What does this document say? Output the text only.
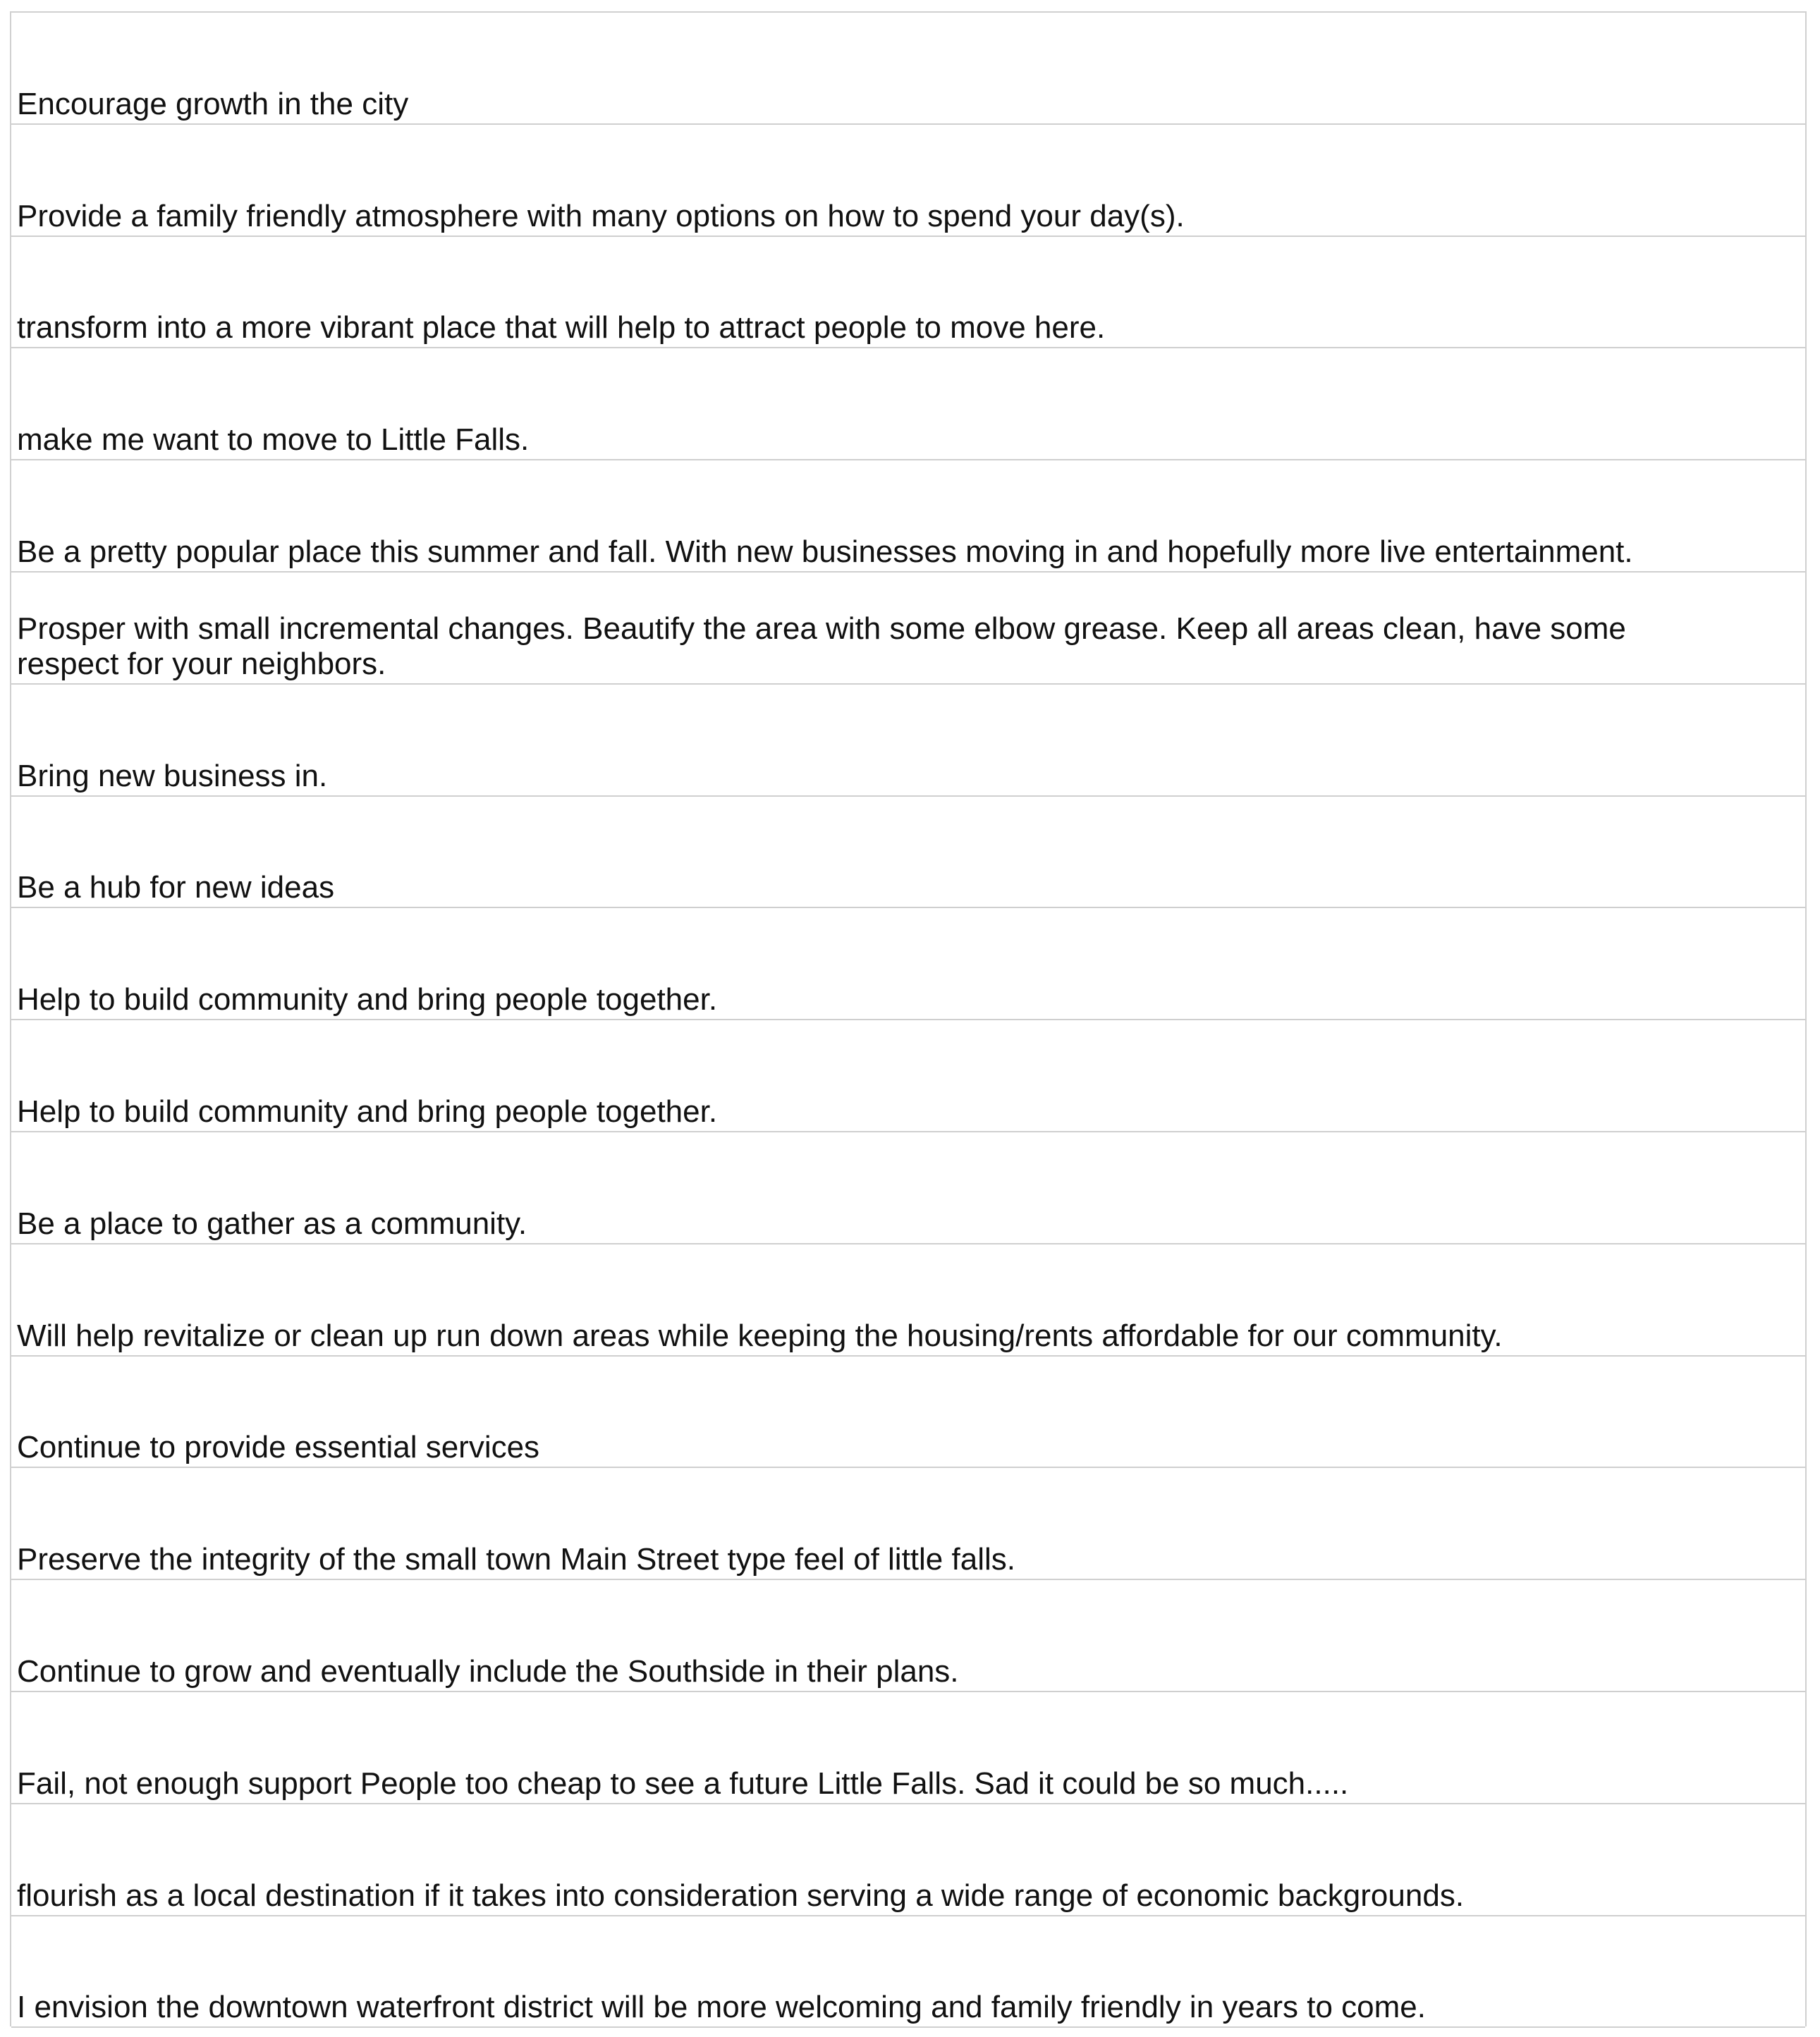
Encourage growth in the city
Provide a family friendly atmosphere with many options on how to spend your day(s).
transform into a more vibrant place that will help to attract people to move here.
make me want to move to Little Falls.
Be a pretty popular place this summer and fall. With new businesses moving in and hopefully more live entertainment.
Prosper with small incremental changes. Beautify the area with some elbow grease. Keep all areas clean, have some respect for your neighbors.
Bring new business in.
Be a hub for new ideas
Help to build community and bring people together.
Help to build community and bring people together.
Be a place to gather as a community.
Will help revitalize or clean up run down areas while keeping the housing/rents affordable for our community.
Continue to provide essential services
Preserve the integrity of the small town Main Street type feel of little falls.
Continue to grow and eventually include the Southside in their plans.
Fail, not enough support People too cheap to see a future Little Falls. Sad it could be so much.....
flourish as a local destination if it takes into consideration serving a wide range of economic backgrounds.
I envision the downtown waterfront district will be more welcoming and family friendly in years to come.
